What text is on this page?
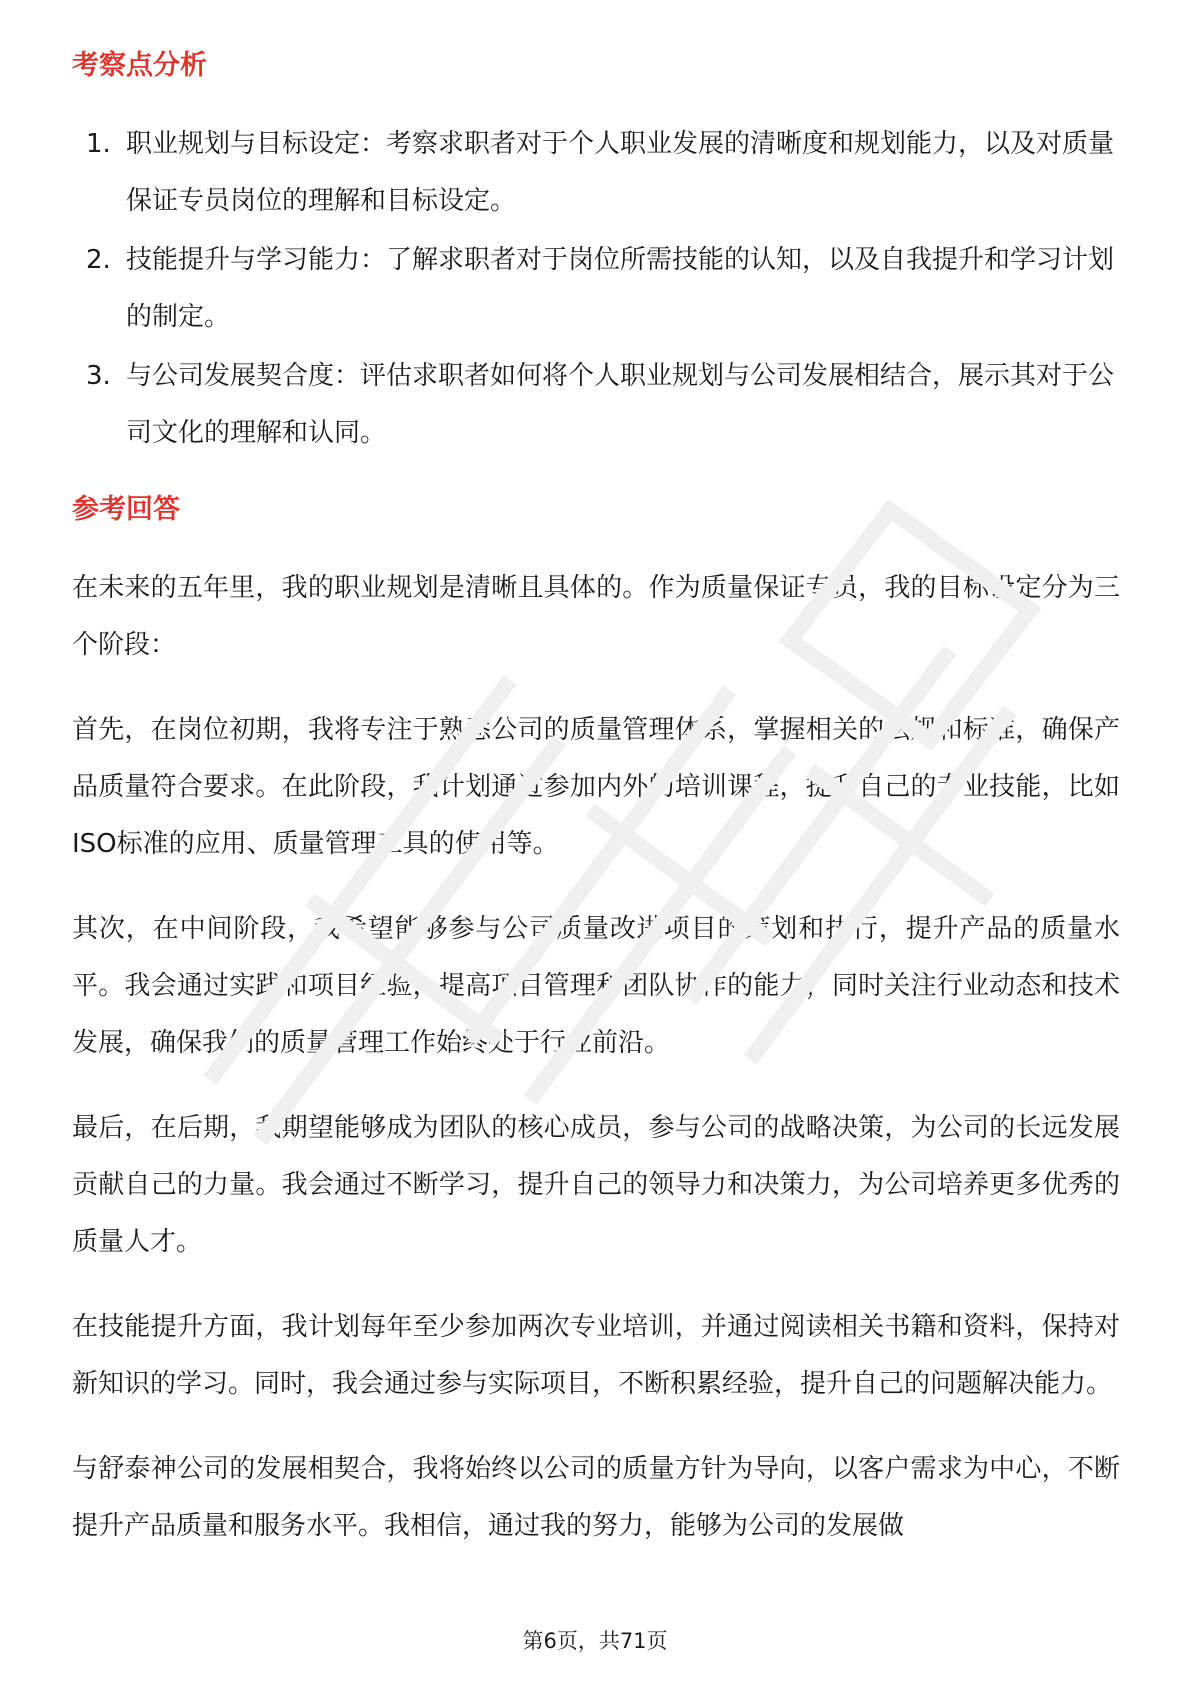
考察点分析
1. 职业规划与目标设定：考察求职者对于个人职业发展的清晰度和规划能力，以及对质量保证专员岗位的理解和目标设定。
2. 技能提升与学习能力：了解求职者对于岗位所需技能的认知，以及自我提升和学习计划的制定。
3. 与公司发展契合度：评估求职者如何将个人职业规划与公司发展相结合，展示其对于公司文化的理解和认同。
参考回答

在未来的五年里，我的职业规划是清晰且具体的。作为质量保证专员，我的目标设定分为三个阶段：

首先，在岗位初期，我将专注于熟悉公司的质量管理体系，掌握相关的法规和标准，确保产品质量符合要求。在此阶段，我计划通过参加内外的培训课程，提升自己的专业技能，比如ISO标准的应用、质量管理工具的使用等。

其次，在中间阶段，我希望能够参与公司质量改进项目的策划和执行，提升产品的质量水平。我会通过实践和项目经验，提高项目管理和团队协作的能力，同时关注行业动态和技术发展，确保我们的质量管理工作始终处于行业前沿。

最后，在后期，我期望能够成为团队的核心成员，参与公司的战略决策，为公司的长远发展贡献自己的力量。我会通过不断学习，提升自己的领导力和决策力，为公司培养更多优秀的质量人才。

在技能提升方面，我计划每年至少参加两次专业培训，并通过阅读相关书籍和资料，保持对新知识的学习。同时，我会通过参与实际项目，不断积累经验，提升自己的问题解决能力。

与舒泰神公司的发展相契合，我将始终以公司的质量方针为导向，以客户需求为中心，不断提升产品质量和服务水平。我相信，通过我的努力，能够为公司的发展做

第6页，共71页
